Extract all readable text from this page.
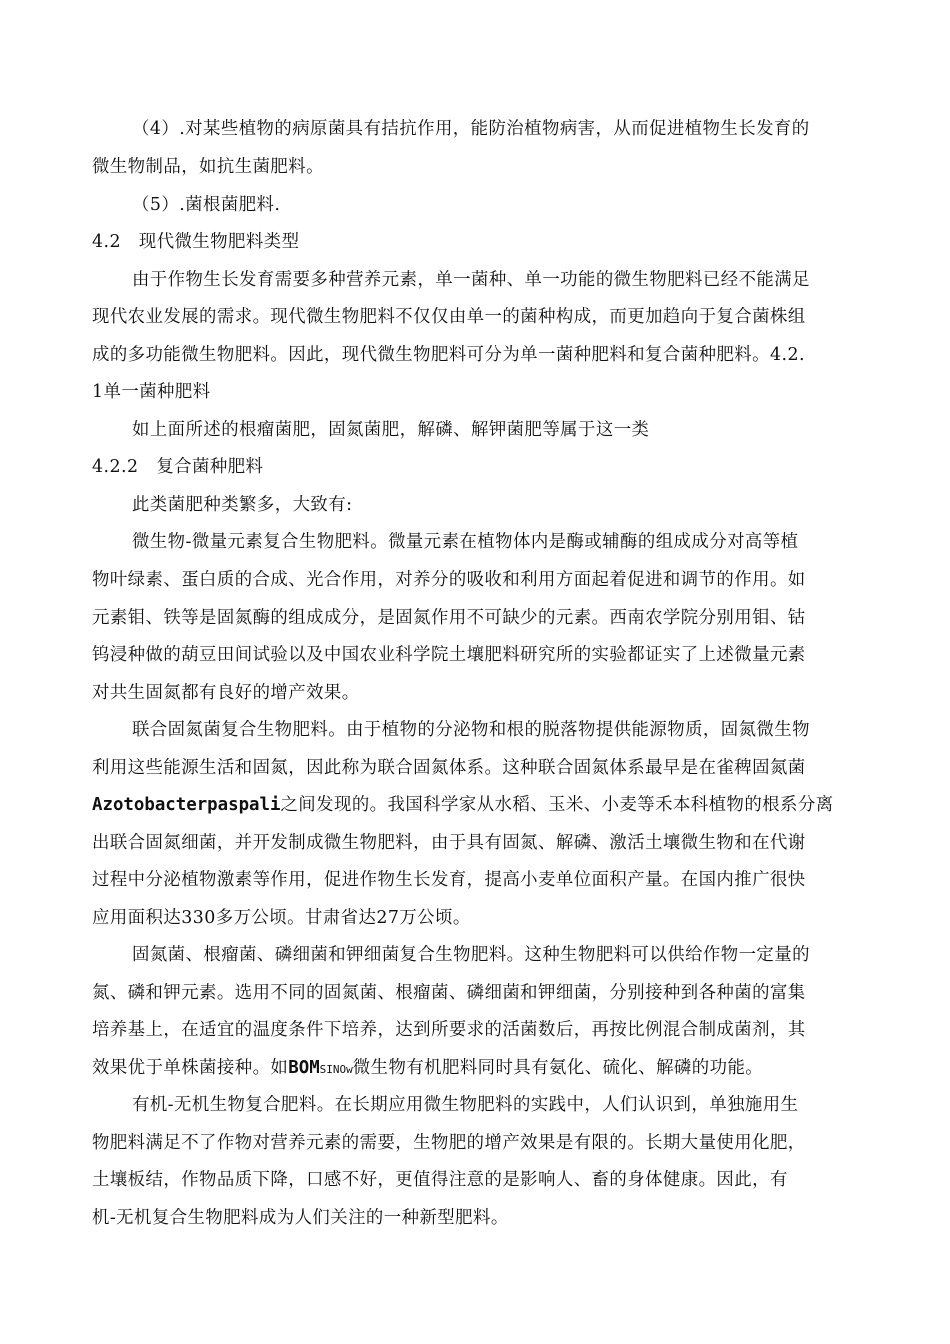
（4）.对某些植物的病原菌具有拮抗作用，能防治植物病害，从而促进植物生长发育的
微生物制品，如抗生菌肥料。
（5）.菌根菌肥料.
4.2　现代微生物肥料类型
由于作物生长发育需要多种营养元素，单一菌种、单一功能的微生物肥料已经不能满足
现代农业发展的需求。现代微生物肥料不仅仅由单一的菌种构成，而更加趋向于复合菌株组
成的多功能微生物肥料。因此，现代微生物肥料可分为单一菌种肥料和复合菌种肥料。4.2.
1单一菌种肥料
如上面所述的根瘤菌肥，固氮菌肥，解磷、解钾菌肥等属于这一类
4.2.2　复合菌种肥料
此类菌肥种类繁多，大致有:
微生物-微量元素复合生物肥料。微量元素在植物体内是酶或辅酶的组成成分对高等植
物叶绿素、蛋白质的合成、光合作用，对养分的吸收和利用方面起着促进和调节的作用。如
元素钼、铁等是固氮酶的组成成分，是固氮作用不可缺少的元素。西南农学院分别用钼、钴
钨浸种做的葫豆田间试验以及中国农业科学院土壤肥料研究所的实验都证实了上述微量元素
对共生固氮都有良好的增产效果。
联合固氮菌复合生物肥料。由于植物的分泌物和根的脱落物提供能源物质，固氮微生物
利用这些能源生活和固氮，因此称为联合固氮体系。这种联合固氮体系最早是在雀稗固氮菌
Azotobacterpaspali之间发现的。我国科学家从水稻、玉米、小麦等禾本科植物的根系分离
出联合固氮细菌，并开发制成微生物肥料，由于具有固氮、解磷、激活土壤微生物和在代谢
过程中分泌植物激素等作用，促进作物生长发育，提高小麦单位面积产量。在国内推广很快
应用面积达330多万公顷。甘肃省达27万公顷。
固氮菌、根瘤菌、磷细菌和钾细菌复合生物肥料。这种生物肥料可以供给作物一定量的
氮、磷和钾元素。选用不同的固氮菌、根瘤菌、磷细菌和钾细菌，分别接种到各种菌的富集
培养基上，在适宜的温度条件下培养，达到所要求的活菌数后，再按比例混合制成菌剂，其
效果优于单株菌接种。如BOMSINOw微生物有机肥料同时具有氨化、硫化、解磷的功能。
有机-无机生物复合肥料。在长期应用微生物肥料的实践中，人们认识到，单独施用生
物肥料满足不了作物对营养元素的需要，生物肥的增产效果是有限的。长期大量使用化肥，
土壤板结，作物品质下降，口感不好，更值得注意的是影响人、畜的身体健康。因此，有
机-无机复合生物肥料成为人们关注的一种新型肥料。
